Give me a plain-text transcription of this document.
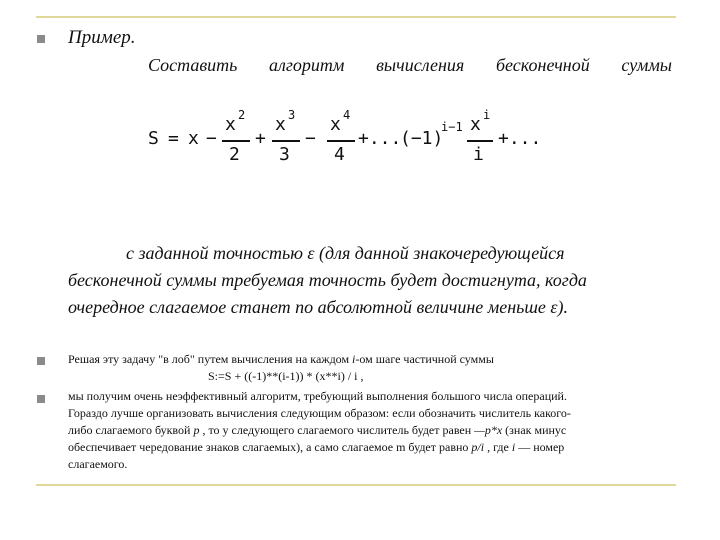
Пример.
Составить алгоритм вычисления бесконечной суммы
S = x −
x 2
2
+
x 3
3
−
x 4
4
+...
(−1)
i−1 x i
i
+...
с заданной точностью ε (для данной знакочередующейся
бесконечной суммы требуемая точность будет достигнута, когда
очередное слагаемое станет по абсолютной величине меньше ε).
Решая эту задачу "в лоб" путем вычисления на каждом i-ом шаге частичной суммы
S:=S + ((-1)**(i-1)) * (x**i) / i ,
мы получим очень неэффективный алгоритм, требующий выполнения большого числа операций.
Гораздо лучше организовать вычисления следующим образом: если обозначить числитель какого-
либо слагаемого буквой p , то у следующего слагаемого числитель будет равен —p*x (знак минус
обеспечивает чередование знаков слагаемых), а само слагаемое m будет равно p/i , где i — номер
слагаемого.
